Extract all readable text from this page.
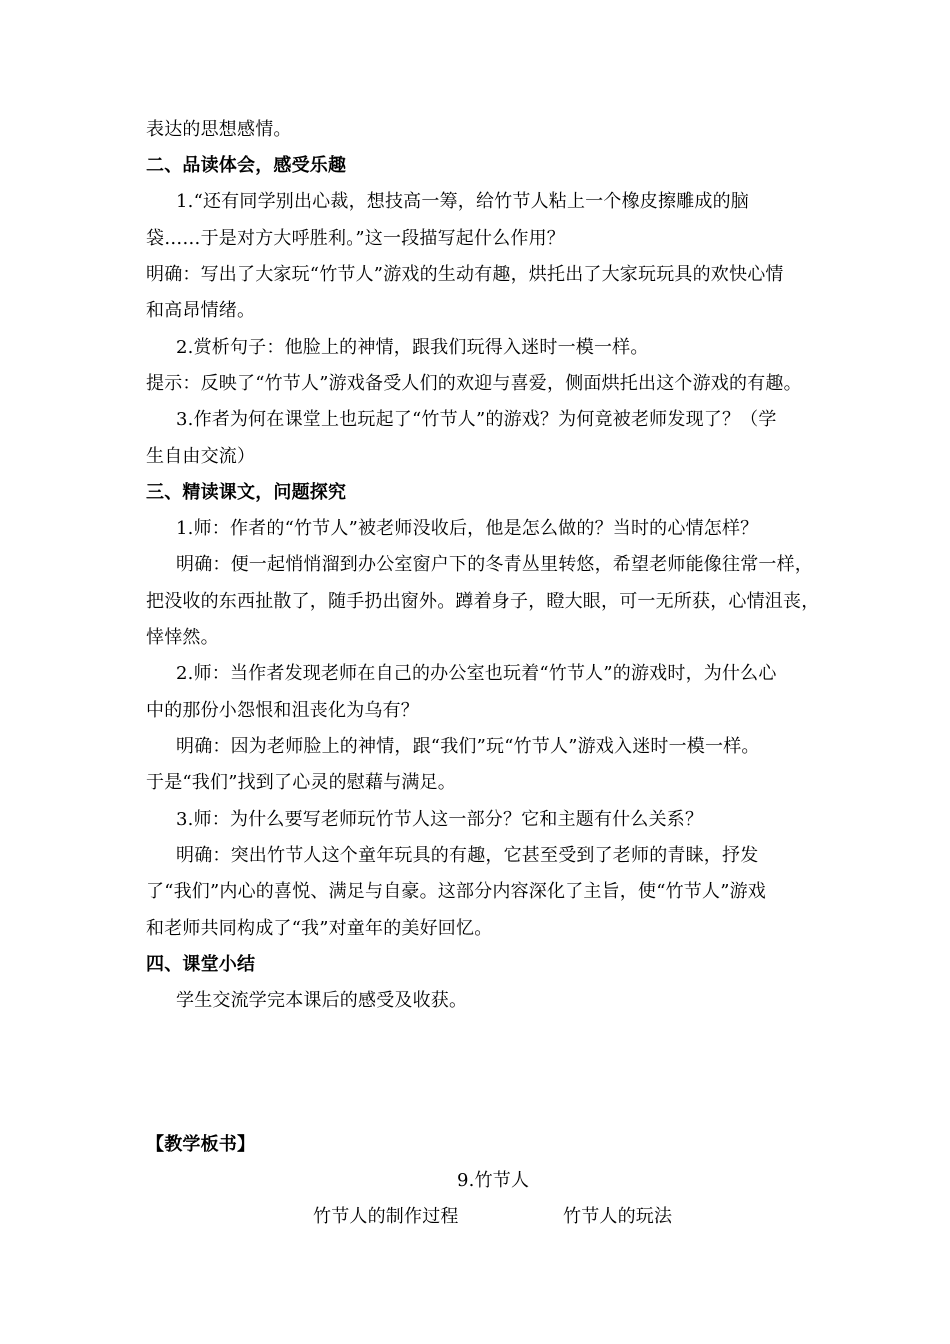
表达的思想感情。
二、品读体会，感受乐趣
1.“还有同学别出心裁，想技高一筹，给竹节人粘上一个橡皮擦雕成的脑
袋……于是对方大呼胜利。”这一段描写起什么作用？
明确：写出了大家玩“竹节人”游戏的生动有趣，烘托出了大家玩玩具的欢快心情
和高昂情绪。
2.赏析句子：他脸上的神情，跟我们玩得入迷时一模一样。
提示：反映了“竹节人”游戏备受人们的欢迎与喜爱，侧面烘托出这个游戏的有趣。
3.作者为何在课堂上也玩起了“竹节人”的游戏？为何竟被老师发现了？（学
生自由交流）
三、精读课文，问题探究
1.师：作者的“竹节人”被老师没收后，他是怎么做的？当时的心情怎样？
明确：便一起悄悄溜到办公室窗户下的冬青丛里转悠，希望老师能像往常一样，
把没收的东西扯散了，随手扔出窗外。蹲着身子，瞪大眼，可一无所获，心情沮丧，
悻悻然。
2.师：当作者发现老师在自己的办公室也玩着“竹节人”的游戏时，为什么心
中的那份小怨恨和沮丧化为乌有？
明确：因为老师脸上的神情，跟“我们”玩“竹节人”游戏入迷时一模一样。
于是“我们”找到了心灵的慰藉与满足。
3.师：为什么要写老师玩竹节人这一部分？它和主题有什么关系？
明确：突出竹节人这个童年玩具的有趣，它甚至受到了老师的青睐，抒发
了“我们”内心的喜悦、满足与自豪。这部分内容深化了主旨，使“竹节人”游戏
和老师共同构成了“我”对童年的美好回忆。
四、课堂小结
学生交流学完本课后的感受及收获。
【教学板书】
9.竹节人
竹节人的制作过程	竹节人的玩法
